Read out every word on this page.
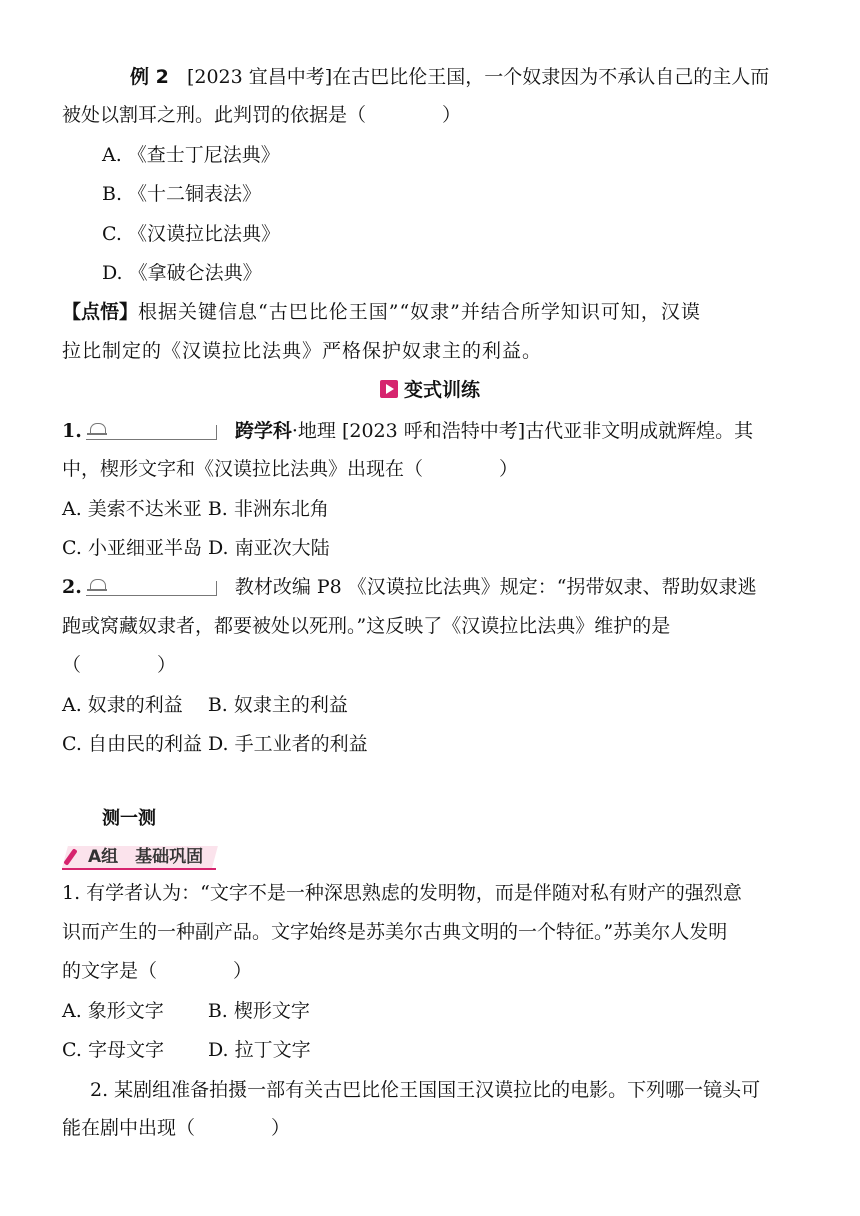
例 2 [2023 宜昌中考]在古巴比伦王国，一个奴隶因为不承认自己的主人而
被处以割耳之刑。此判罚的依据是（　　　　）
A. 《查士丁尼法典》
B. 《十二铜表法》
C. 《汉谟拉比法典》
D. 《拿破仑法典》
【点悟】根据关键信息“古巴比伦王国”“奴隶”并结合所学知识可知，汉谟
拉比制定的《汉谟拉比法典》严格保护奴隶主的利益。
变式训练
1.	跨学科·地理 [2023 呼和浩特中考]古代亚非文明成就辉煌。其
中，楔形文字和《汉谟拉比法典》出现在（　　　　）
A. 美索不达米亚 B. 非洲东北角
C. 小亚细亚半岛 D. 南亚次大陆
2.	教材改编 P8 《汉谟拉比法典》规定：“拐带奴隶、帮助奴隶逃
跑或窝藏奴隶者，都要被处以死刑。”这反映了《汉谟拉比法典》维护的是
（　　　　）
A. 奴隶的利益　 B. 奴隶主的利益
C. 自由民的利益 D. 手工业者的利益
测一测
A组　基础巩固
1. 有学者认为：“文字不是一种深思熟虑的发明物，而是伴随对私有财产的强烈意
识而产生的一种副产品。文字始终是苏美尔古典文明的一个特征。”苏美尔人发明
的文字是（　　　　）
A. 象形文字　　 B. 楔形文字
C. 字母文字　　 D. 拉丁文字
2. 某剧组准备拍摄一部有关古巴比伦王国国王汉谟拉比的电影。下列哪一镜头可
能在剧中出现（　　　　）
